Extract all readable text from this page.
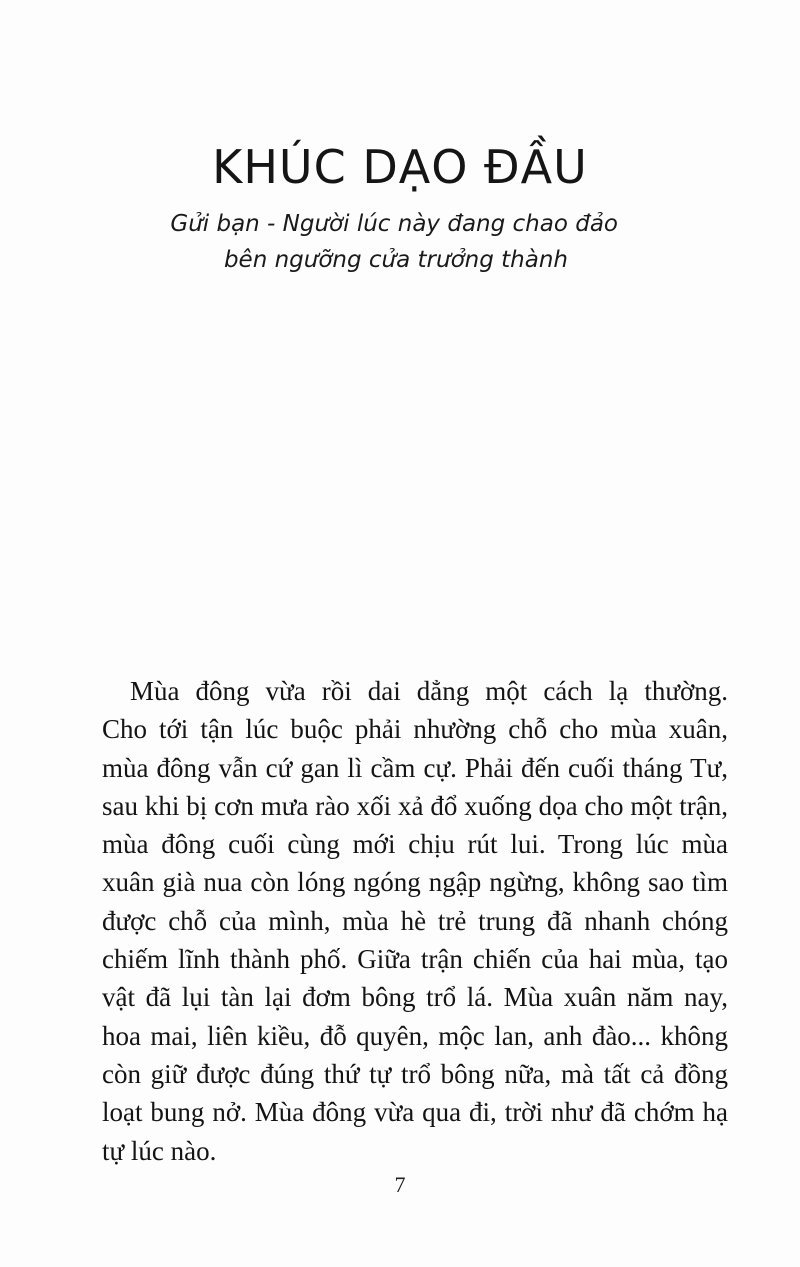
KHÚC DẠO ĐẦU
Gửi bạn - Người lúc này đang chao đảo
bên ngưỡng cửa trưởng thành
Mùa đông vừa rồi dai dẳng một cách lạ thường.
Cho tới tận lúc buộc phải nhường chỗ cho mùa xuân,
mùa đông vẫn cứ gan lì cầm cự. Phải đến cuối tháng Tư,
sau khi bị cơn mưa rào xối xả đổ xuống dọa cho một trận,
mùa đông cuối cùng mới chịu rút lui. Trong lúc mùa
xuân già nua còn lóng ngóng ngập ngừng, không sao tìm
được chỗ của mình, mùa hè trẻ trung đã nhanh chóng
chiếm lĩnh thành phố. Giữa trận chiến của hai mùa, tạo
vật đã lụi tàn lại đơm bông trổ lá. Mùa xuân năm nay,
hoa mai, liên kiều, đỗ quyên, mộc lan, anh đào... không
còn giữ được đúng thứ tự trổ bông nữa, mà tất cả đồng
loạt bung nở. Mùa đông vừa qua đi, trời như đã chớm hạ
tự lúc nào.
7
